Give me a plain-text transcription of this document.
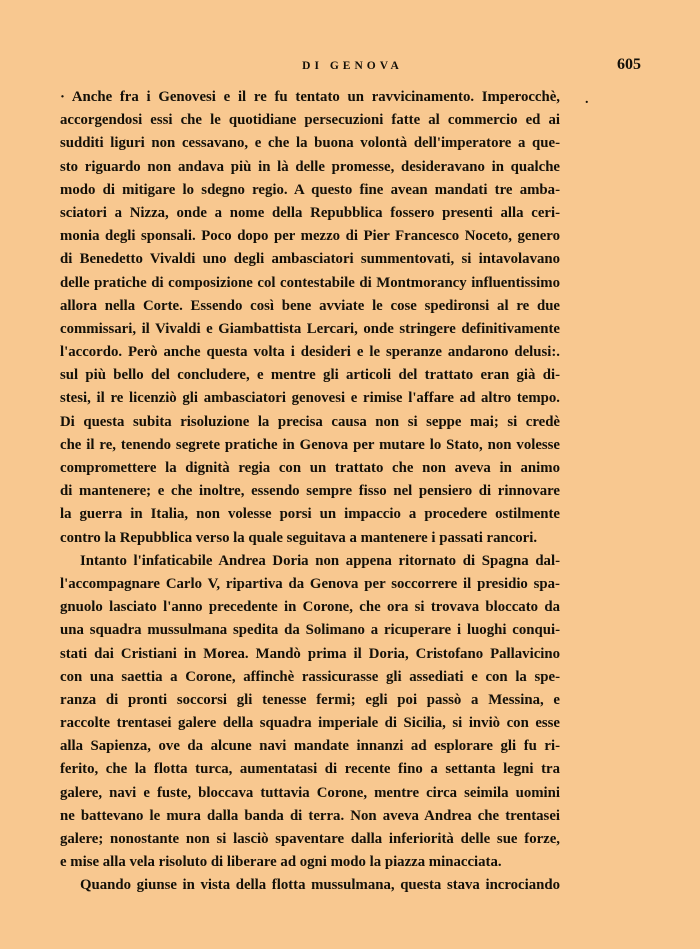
DI GENOVA	605
.
· Anche fra i Genovesi e il re fu tentato un ravvicinamento. Imperocchè,
accorgendosi essi che le quotidiane persecuzioni fatte al commercio ed ai
sudditi liguri non cessavano, e che la buona volontà dell'imperatore a que-
sto riguardo non andava più in là delle promesse, desideravano in qualche
modo di mitigare lo sdegno regio. A questo fine avean mandati tre amba-
sciatori a Nizza, onde a nome della Repubblica fossero presenti alla ceri-
monia degli sponsali. Poco dopo per mezzo di Pier Francesco Noceto, genero
di Benedetto Vivaldi uno degli ambasciatori summentovati, si intavolavano
delle pratiche di composizione col contestabile di Montmorancy influentissimo
allora nella Corte. Essendo così bene avviate le cose spedironsi al re due
commissari, il Vivaldi e Giambattista Lercari, onde stringere definitivamente
l'accordo. Però anche questa volta i desideri e le speranze andarono delusi:.
sul più bello del concludere, e mentre gli articoli del trattato eran già di-
stesi, il re licenziò gli ambasciatori genovesi e rimise l'affare ad altro tempo.
Di questa subita risoluzione la precisa causa non si seppe mai; si credè
che il re, tenendo segrete pratiche in Genova per mutare lo Stato, non volesse
compromettere la dignità regia con un trattato che non aveva in animo
di mantenere; e che inoltre, essendo sempre fisso nel pensiero di rinnovare
la guerra in Italia, non volesse porsi un impaccio a procedere ostilmente
contro la Repubblica verso la quale seguitava a mantenere i passati rancori.
Intanto l'infaticabile Andrea Doria non appena ritornato di Spagna dal-
l'accompagnare Carlo V, ripartiva da Genova per soccorrere il presidio spa-
gnuolo lasciato l'anno precedente in Corone, che ora si trovava bloccato da
una squadra mussulmana spedita da Solimano a ricuperare i luoghi conqui-
stati dai Cristiani in Morea. Mandò prima il Doria, Cristofano Pallavicino
con una saettia a Corone, affinchè rassicurasse gli assediati e con la spe-
ranza di pronti soccorsi gli tenesse fermi; egli poi passò a Messina, e
raccolte trentasei galere della squadra imperiale di Sicilia, si inviò con esse
alla Sapienza, ove da alcune navi mandate innanzi ad esplorare gli fu ri-
ferito, che la flotta turca, aumentatasi di recente fino a settanta legni tra
galere, navi e fuste, bloccava tuttavia Corone, mentre circa seimila uomini
ne battevano le mura dalla banda di terra. Non aveva Andrea che trentasei
galere; nonostante non si lasciò spaventare dalla inferiorità delle sue forze,
e mise alla vela risoluto di liberare ad ogni modo la piazza minacciata.
Quando giunse in vista della flotta mussulmana, questa stava incrociando
